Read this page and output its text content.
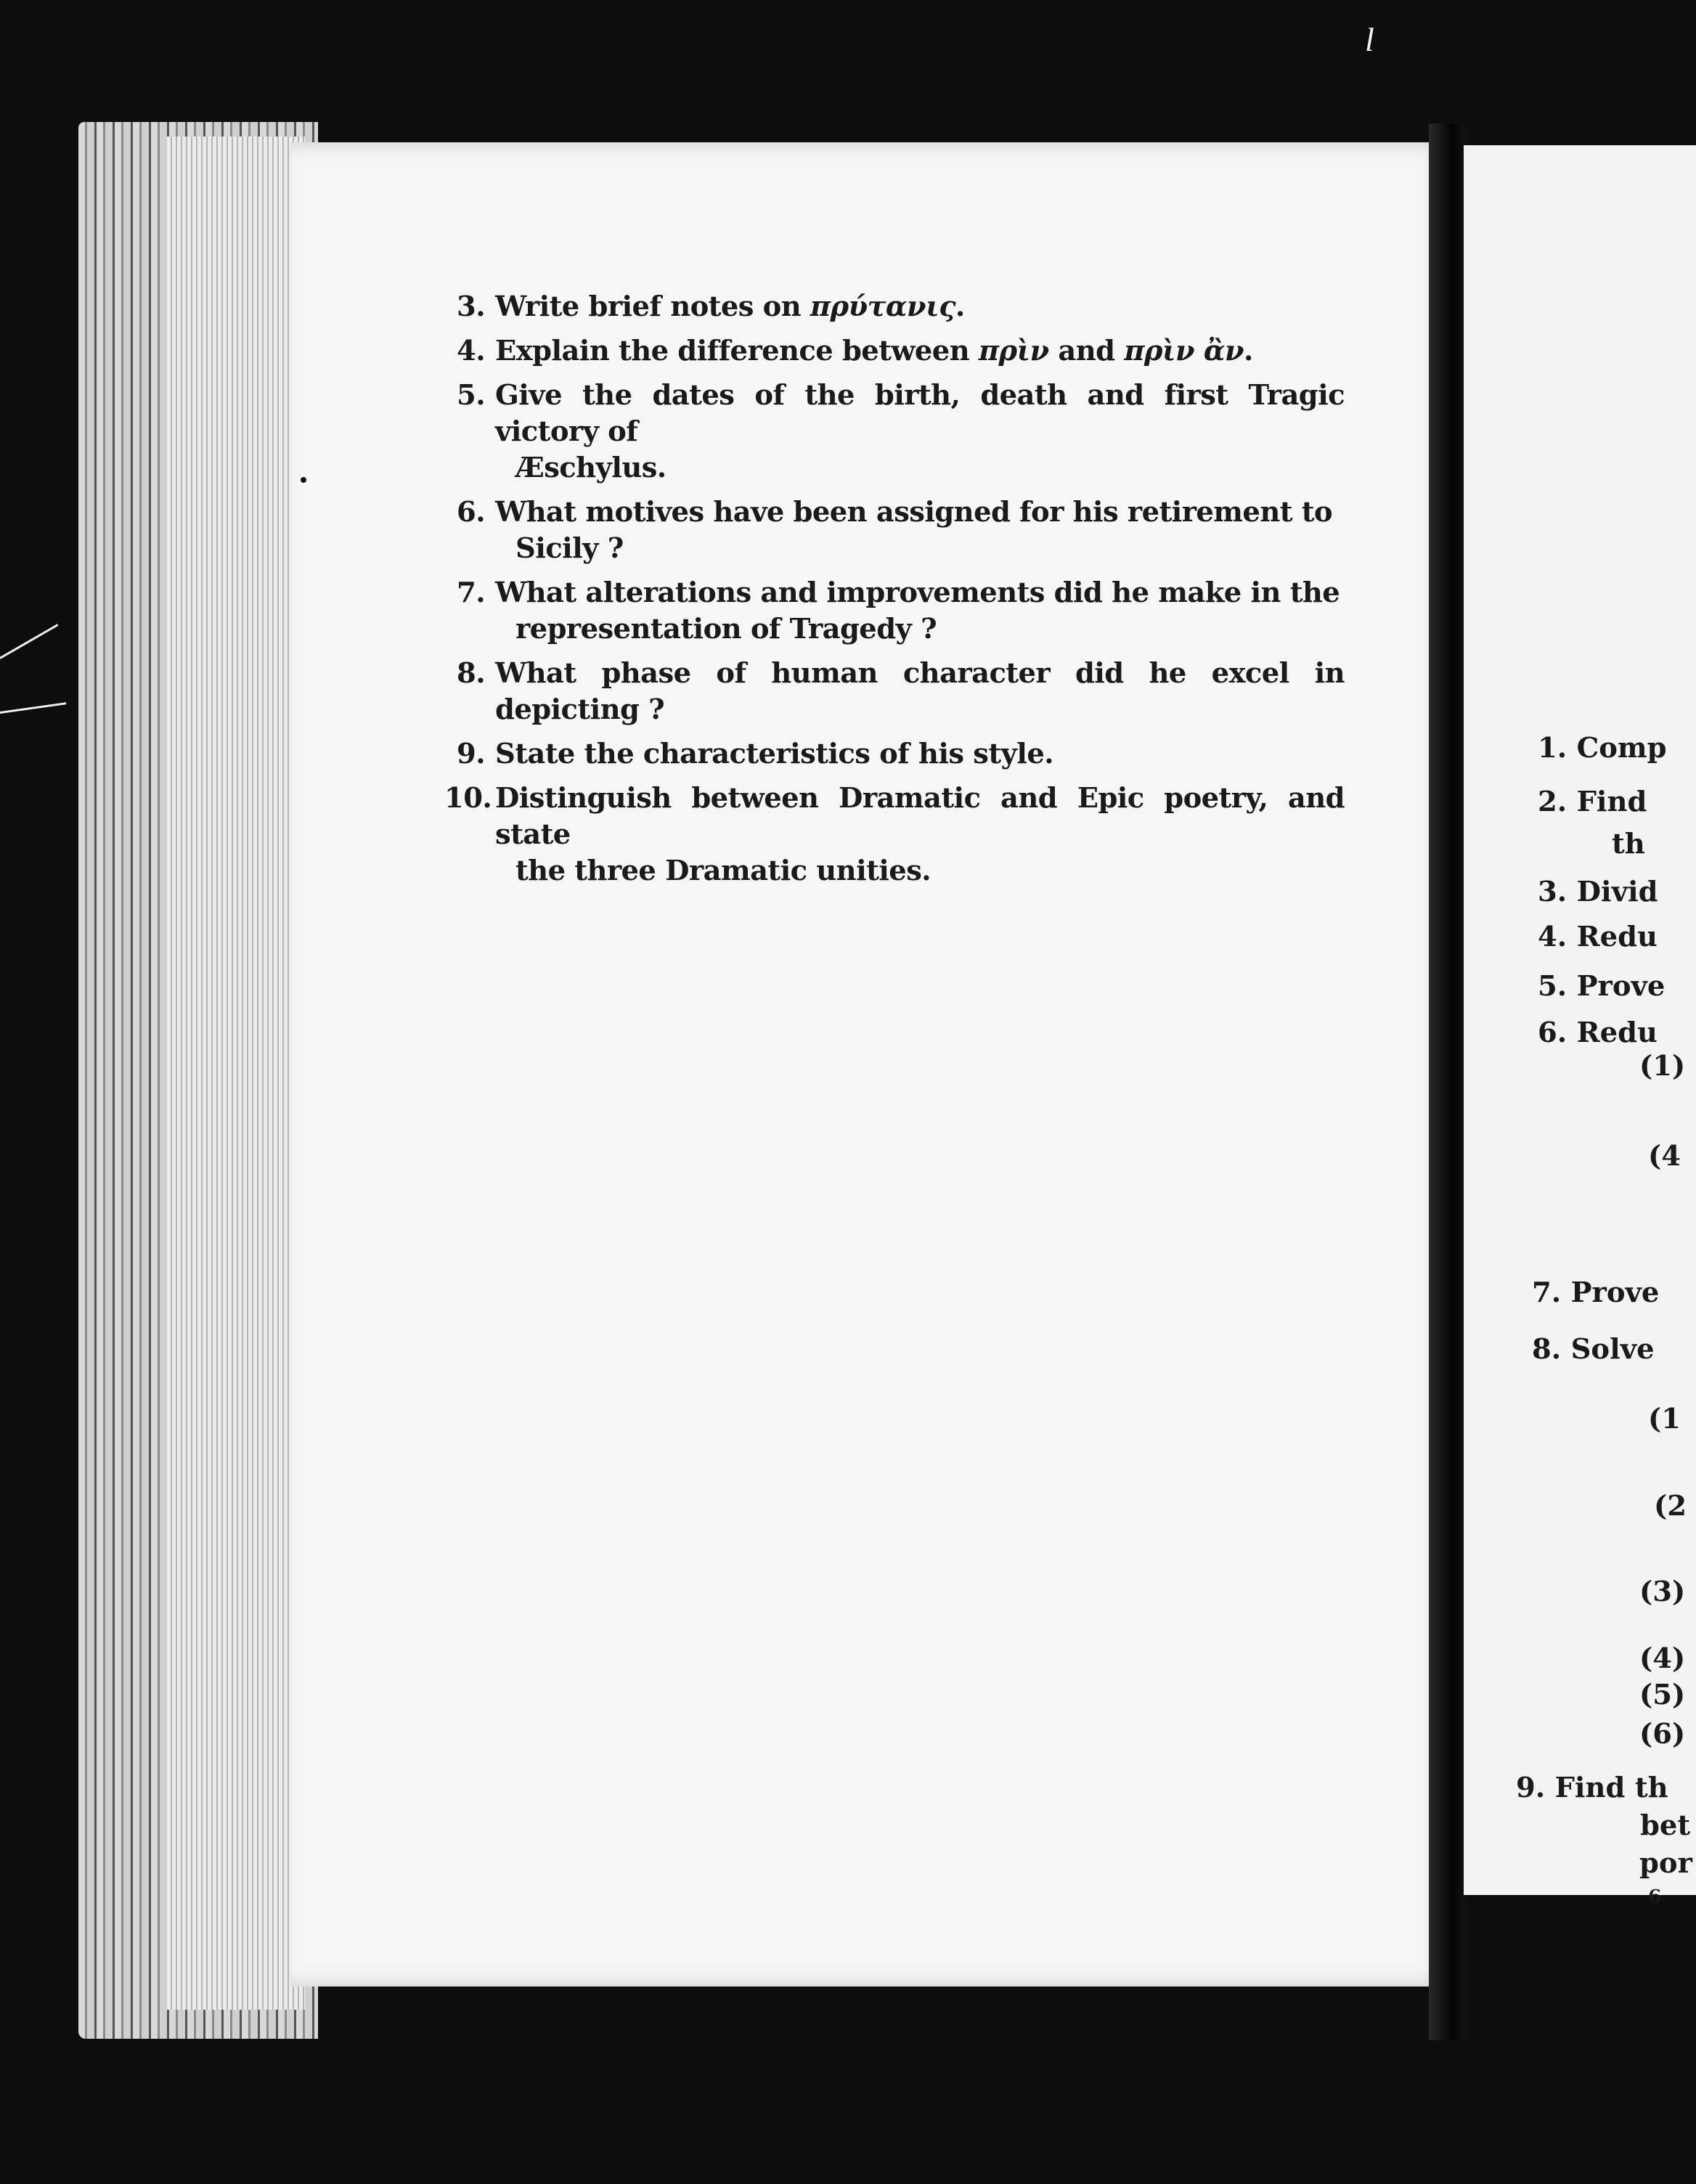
l
3. Write brief notes on πρύτανις.
4. Explain the difference between πρὶν and πρὶν ἂν.
5. Give the dates of the birth, death and first Tragic victory of
Æschylus.
6. What motives have been assigned for his retirement to
Sicily ?
7. What alterations and improvements did he make in the
representation of Tragedy ?
8. What phase of human character did he excel in depicting ?
9. State the characteristics of his style.
10. Distinguish between Dramatic and Epic poetry, and state
the three Dramatic unities.
1. Comp
2. Find
th
3. Divid
4. Redu
5. Prove
6. Redu
(1)
(4
7. Prove
8. Solve
(1
(2
(3)
(4)
(5)
(6)
9. Find th
bet
por
6
